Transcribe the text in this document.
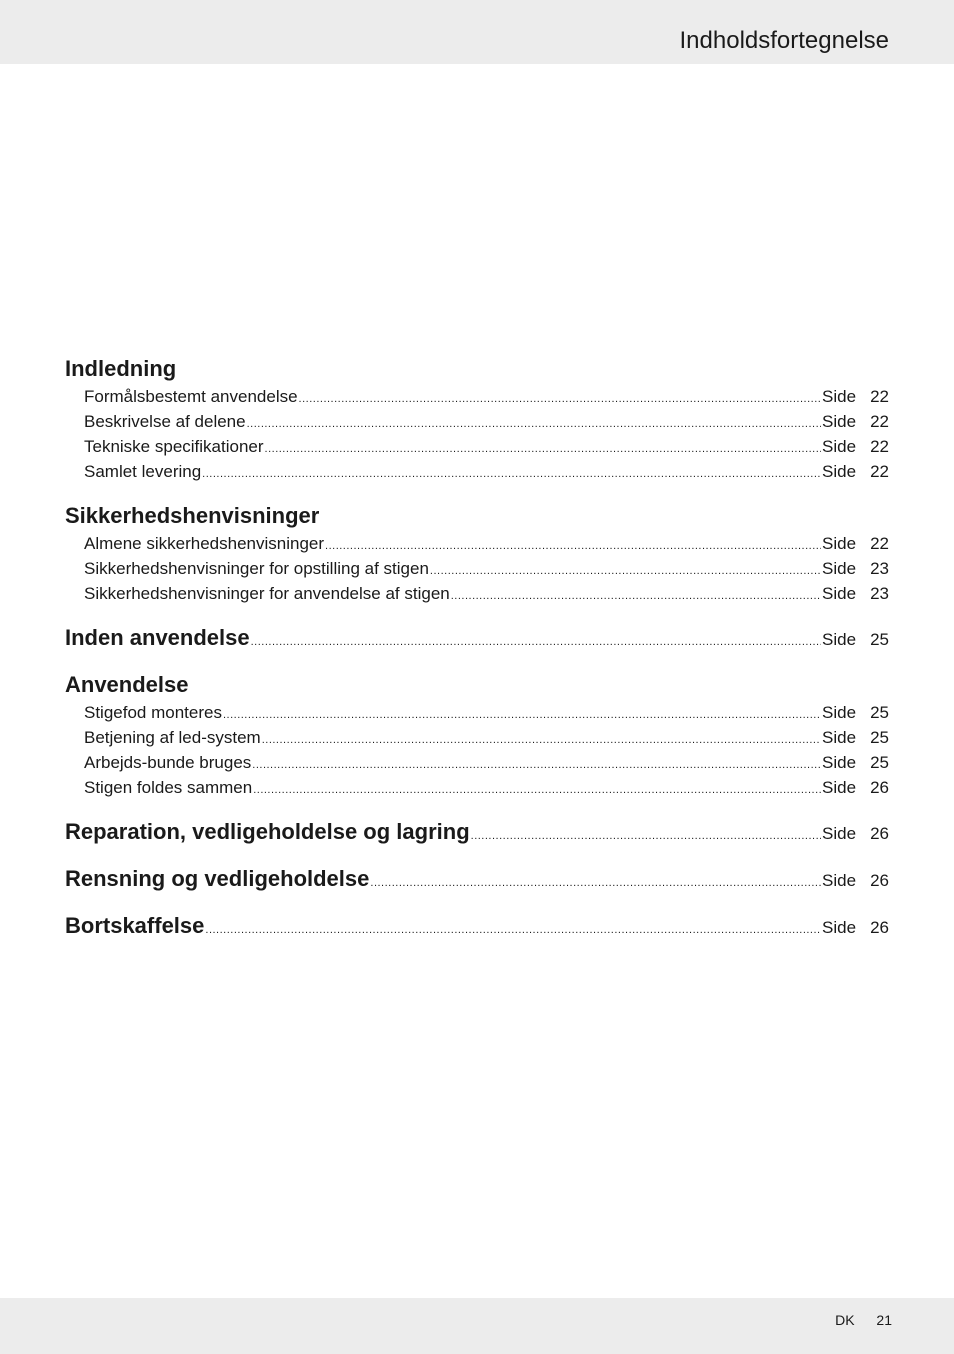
Indholdsfortegnelse
Indledning
Formålsbestemt anvendelse .....	Side 22
Beskrivelse af delene .....	Side 22
Tekniske specifikationer .....	Side 22
Samlet levering .....	Side 22
Sikkerhedshenvisninger
Almene sikkerhedshenvisninger .....	Side 22
Sikkerhedshenvisninger for opstilling af stigen .....	Side 23
Sikkerhedshenvisninger for anvendelse af stigen .....	Side 23
Inden anvendelse .....	Side 25
Anvendelse
Stigefod monteres .....	Side 25
Betjening af led-system .....	Side 25
Arbejds-bunde bruges .....	Side 25
Stigen foldes sammen .....	Side 26
Reparation, vedligeholdelse og lagring .....	Side 26
Rensning og vedligeholdelse .....	Side 26
Bortskaffelse .....	Side 26
DK 21
